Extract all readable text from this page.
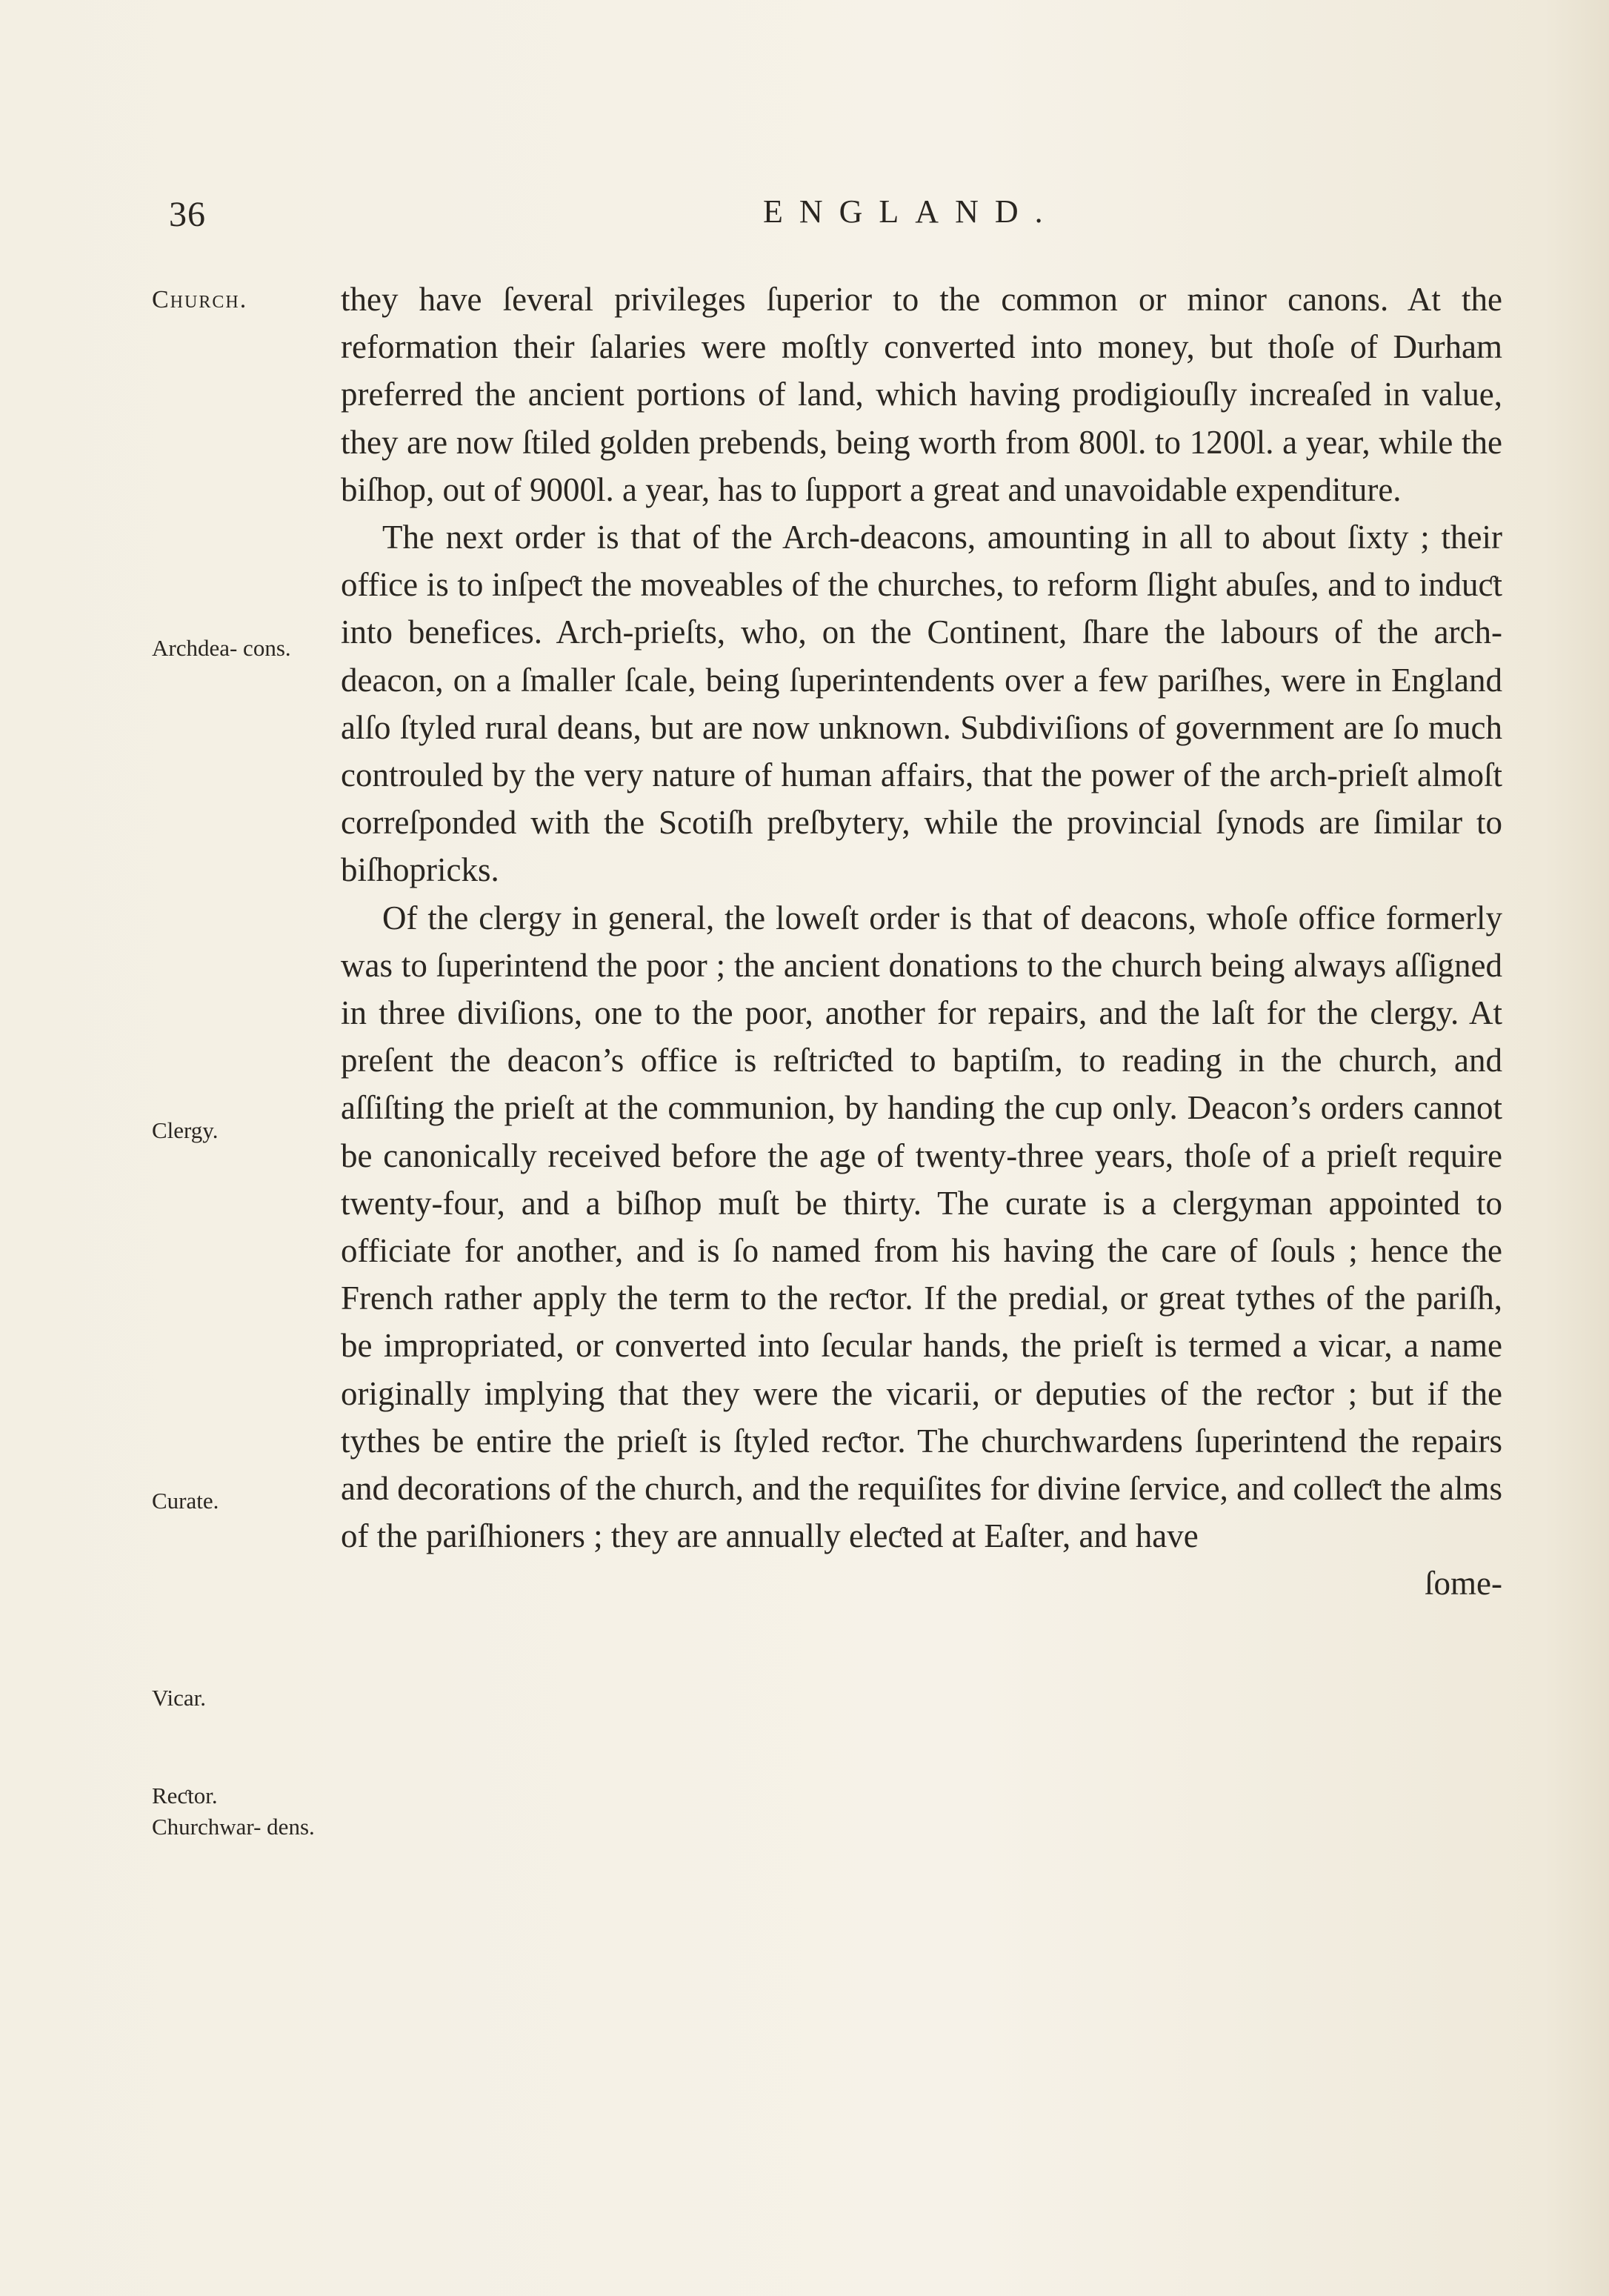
36	ENGLAND.
Church.
Archdea- cons.
Clergy.
Curate.
Vicar.
Reƈtor.
Churchwar- dens.

they have ſeveral privileges ſuperior to the common or minor canons. At the reformation their ſalaries were moſtly converted into money, but thoſe of Durham preferred the ancient portions of land, which having prodigiouſly increaſed in value, they are now ſtiled golden prebends, being worth from 800l. to 1200l. a year, while the biſhop, out of 9000l. a year, has to ſupport a great and unavoidable expenditure.

The next order is that of the Arch-deacons, amounting in all to about ſixty ; their office is to inſpeƈt the moveables of the churches, to reform ſlight abuſes, and to induƈt into benefices. Arch-prieſts, who, on the Continent, ſhare the labours of the arch-deacon, on a ſmaller ſcale, being ſuperintendents over a few pariſhes, were in England alſo ſtyled rural deans, but are now unknown. Subdiviſions of government are ſo much controuled by the very nature of human affairs, that the power of the arch-prieſt almoſt correſponded with the Scotiſh preſbytery, while the provincial ſynods are ſimilar to biſhopricks.

Of the clergy in general, the loweſt order is that of deacons, whoſe office formerly was to ſuperintend the poor ; the ancient donations to the church being always aſſigned in three diviſions, one to the poor, another for repairs, and the laſt for the clergy. At preſent the deacon’s office is reſtriƈted to baptiſm, to reading in the church, and aſſiſting the prieſt at the communion, by handing the cup only. Deacon’s orders cannot be canonically received before the age of twenty-three years, thoſe of a prieſt require twenty-four, and a biſhop muſt be thirty. The curate is a clergyman appointed to officiate for another, and is ſo named from his having the care of ſouls ; hence the French rather apply the term to the reƈtor. If the predial, or great tythes of the pariſh, be impropriated, or converted into ſecular hands, the prieſt is termed a vicar, a name originally implying that they were the vicarii, or deputies of the reƈtor ; but if the tythes be entire the prieſt is ſtyled reƈtor. The churchwardens ſuperintend the repairs and decorations of the church, and the requiſites for divine ſervice, and colleƈt the alms of the pariſhioners ; they are annually eleƈted at Eaſter, and have

ſome-
